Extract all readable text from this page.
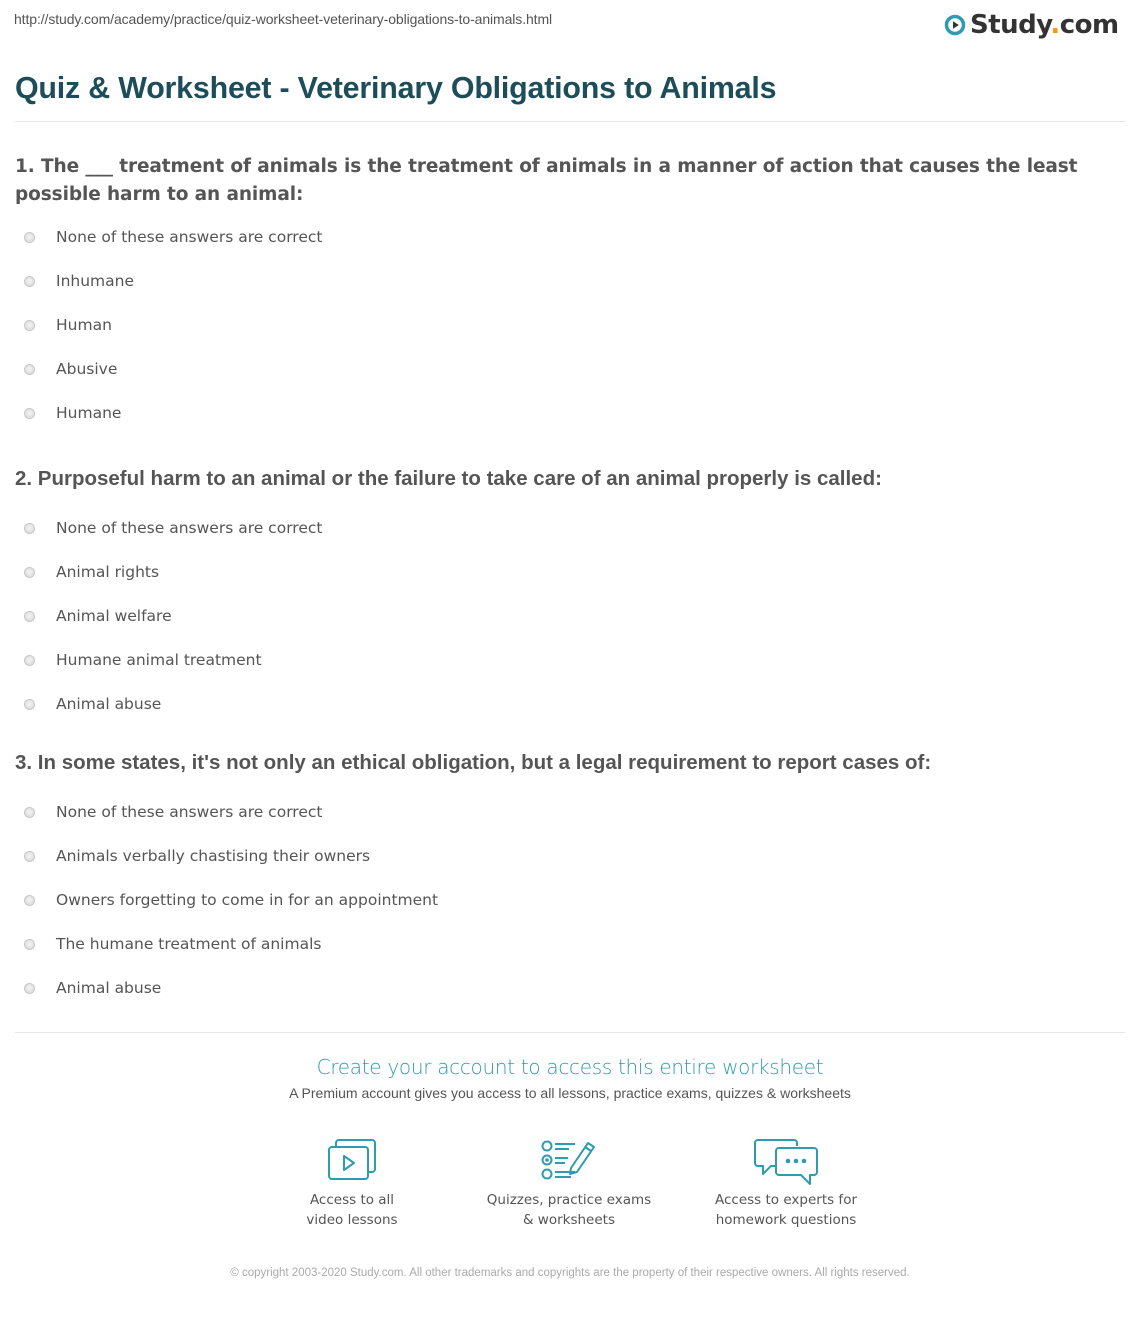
http://study.com/academy/practice/quiz-worksheet-veterinary-obligations-to-animals.html	Study.com
Quiz & Worksheet - Veterinary Obligations to Animals
1. The ___ treatment of animals is the treatment of animals in a manner of action that causes the least possible harm to an animal:
None of these answers are correct
Inhumane
Human
Abusive
Humane
2. Purposeful harm to an animal or the failure to take care of an animal properly is called:
None of these answers are correct
Animal rights
Animal welfare
Humane animal treatment
Animal abuse
3. In some states, it's not only an ethical obligation, but a legal requirement to report cases of:
None of these answers are correct
Animals verbally chastising their owners
Owners forgetting to come in for an appointment
The humane treatment of animals
Animal abuse
Create your account to access this entire worksheet
A Premium account gives you access to all lessons, practice exams, quizzes & worksheets
Access to all
video lessons
Quizzes, practice exams
& worksheets
Access to experts for
homework questions
© copyright 2003-2020 Study.com. All other trademarks and copyrights are the property of their respective owners. All rights reserved.
